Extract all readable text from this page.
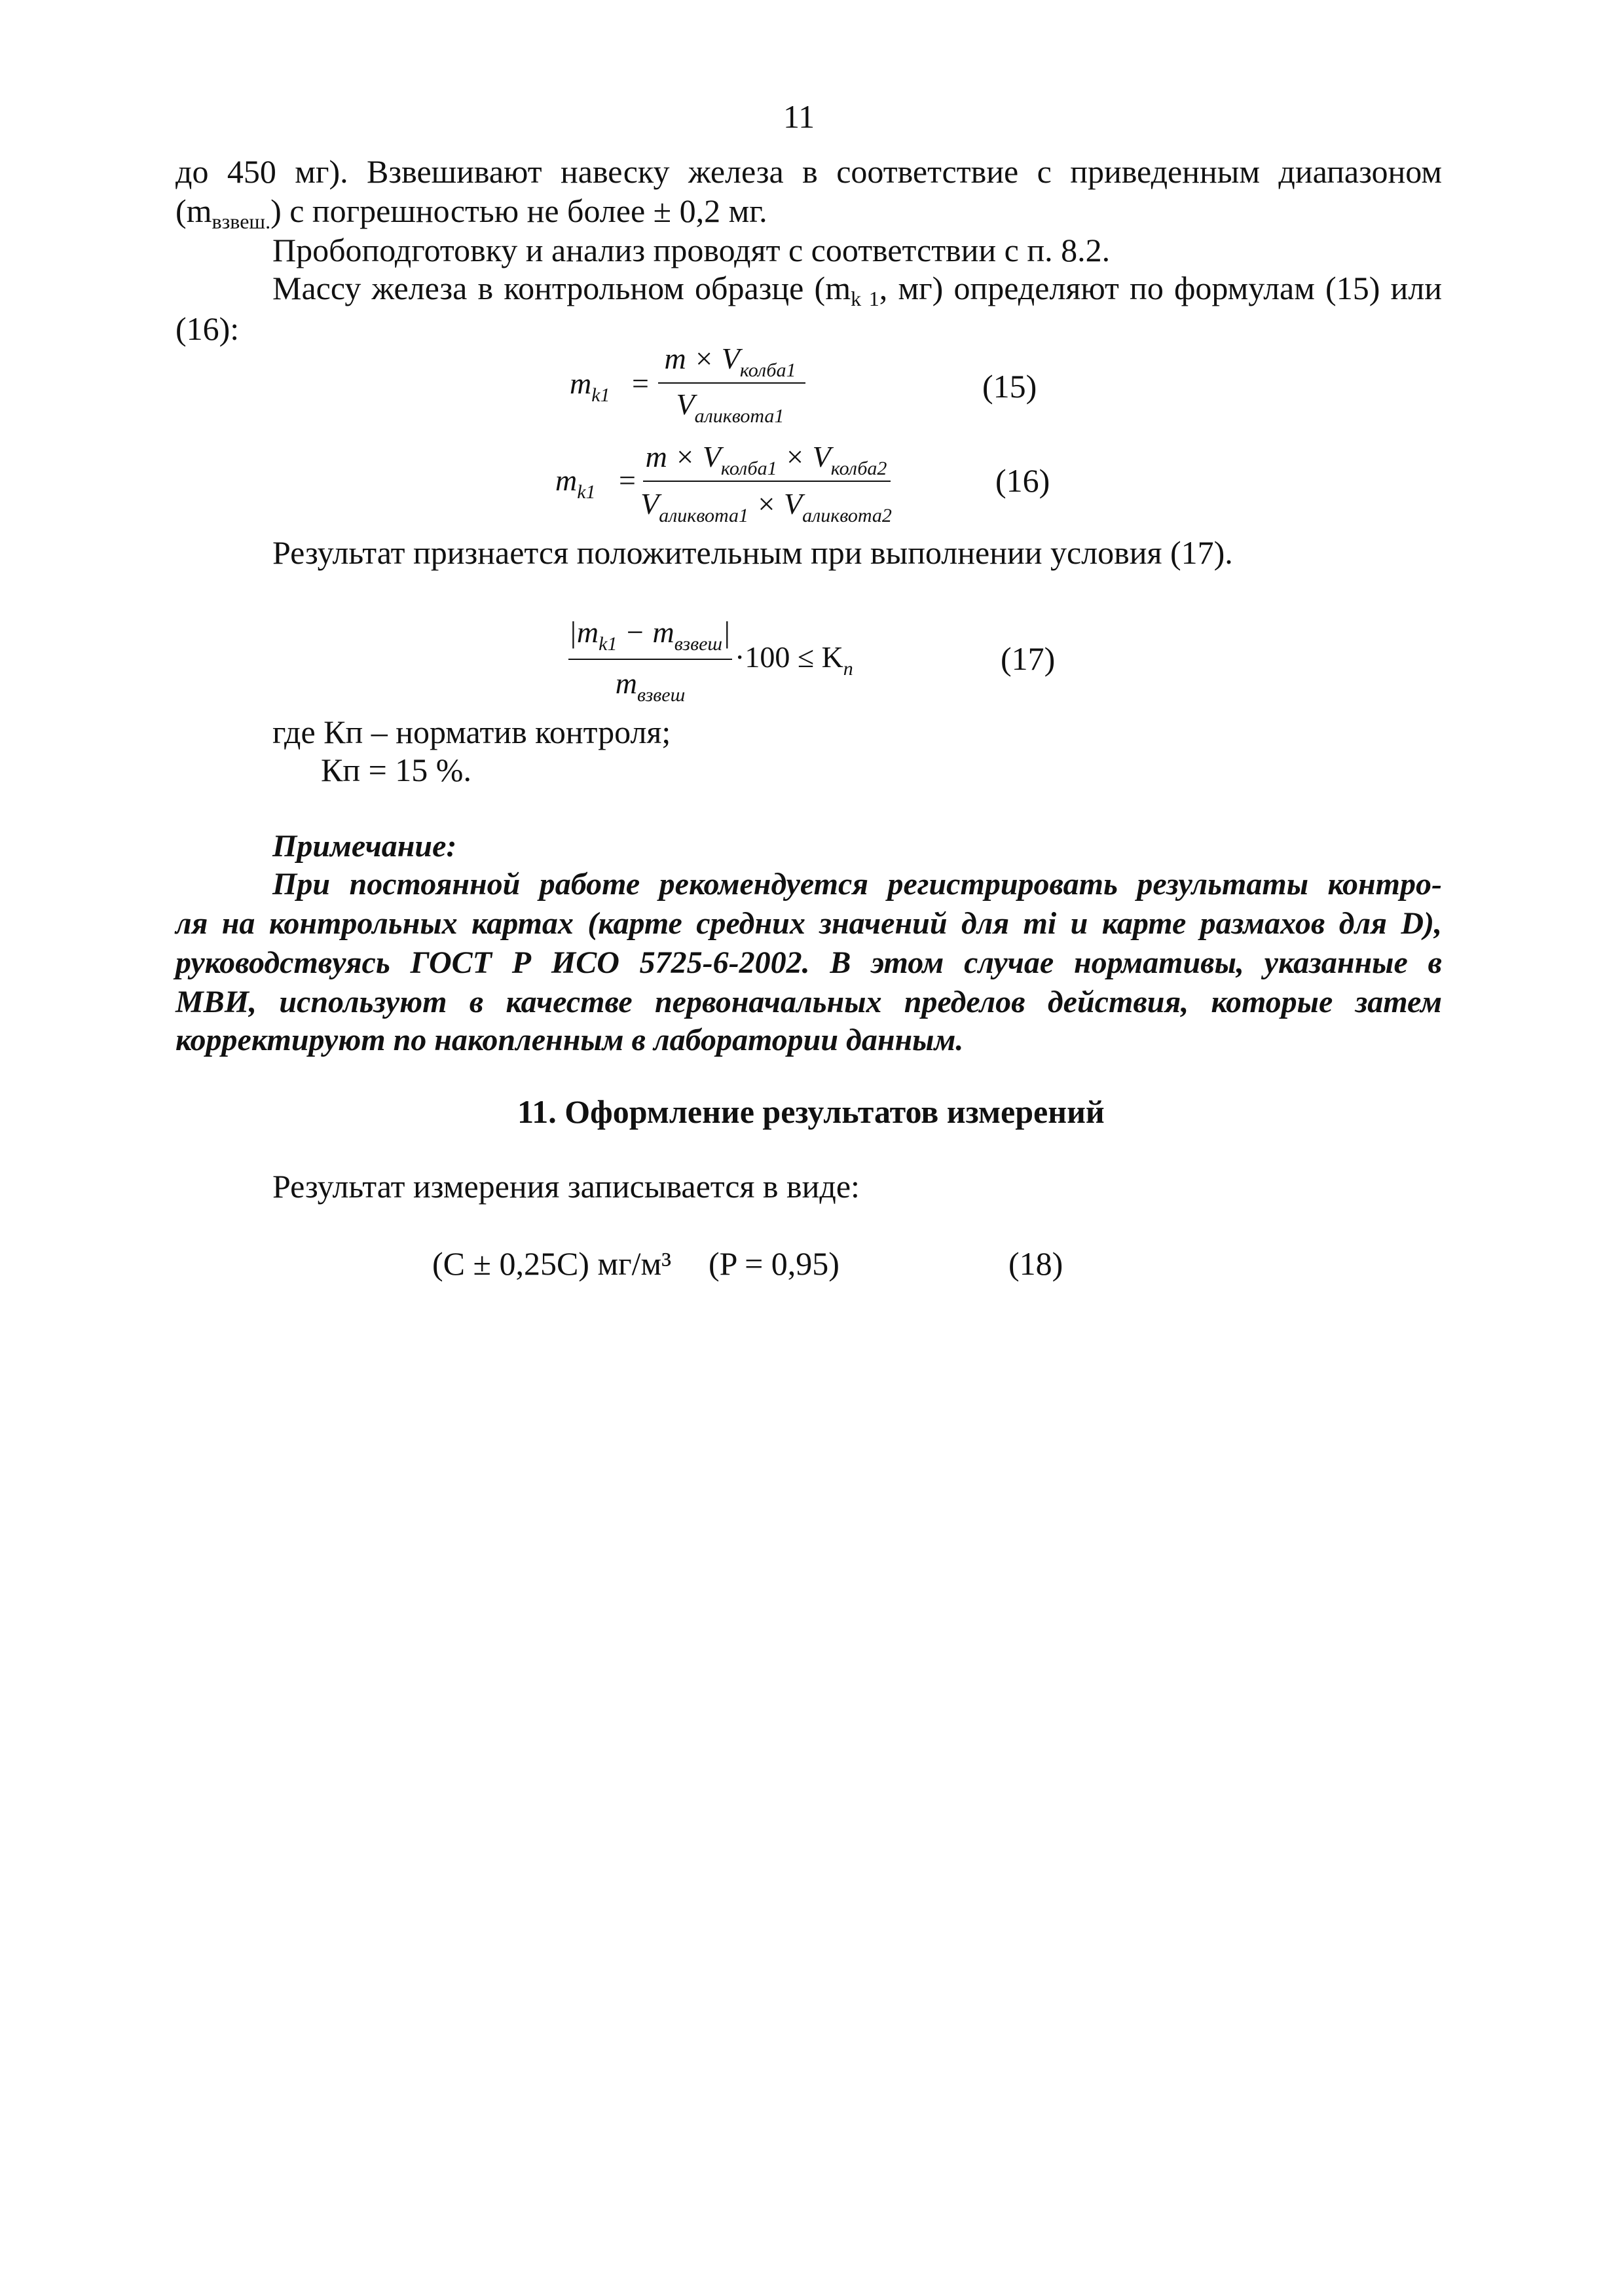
11
до 450 мг). Взвешивают навеску железа в соответствие с приведенным диапазоном
$(m_{взвеш.})$ с погрешностью не более ± 0,2 мг.
Пробоподготовку и анализ проводят с соответствии с п. 8.2.
Массу железа в контрольном образце ($m_{k 1}$, мг) определяют по формулам (15) или
(16):
$m_{k1}$ =
$m \times V_{колба1}$
$V_{аликвота1}$
(15)
$m_{k1}$ =
$m \times V_{колба1} \times V_{колба2}$
$V_{аликвота1} \times V_{аликвота2}$
(16)
Результат признается положительным при выполнении условия (17).
$|m_{k1} - m_{взвеш}|$
$m_{взвеш}$
$\cdot 100 \le K_п$	(17)
где Кп – норматив контроля;
Кп = 15 %.
Примечание:
При постоянной работе рекомендуется регистрировать результаты контро-
ля на контрольных картах (карте средних значений для mi и карте размахов для D),
руководствуясь ГОСТ Р ИСО 5725-6-2002. В этом случае нормативы, указанные в
МВИ, используют в качестве первоначальных пределов действия, которые затем
корректируют по накопленным в лаборатории данным.
11. Оформление результатов измерений
Результат измерения записывается в виде:
(C ± 0,25C) мг/м³ (P = 0,95)	(18)
